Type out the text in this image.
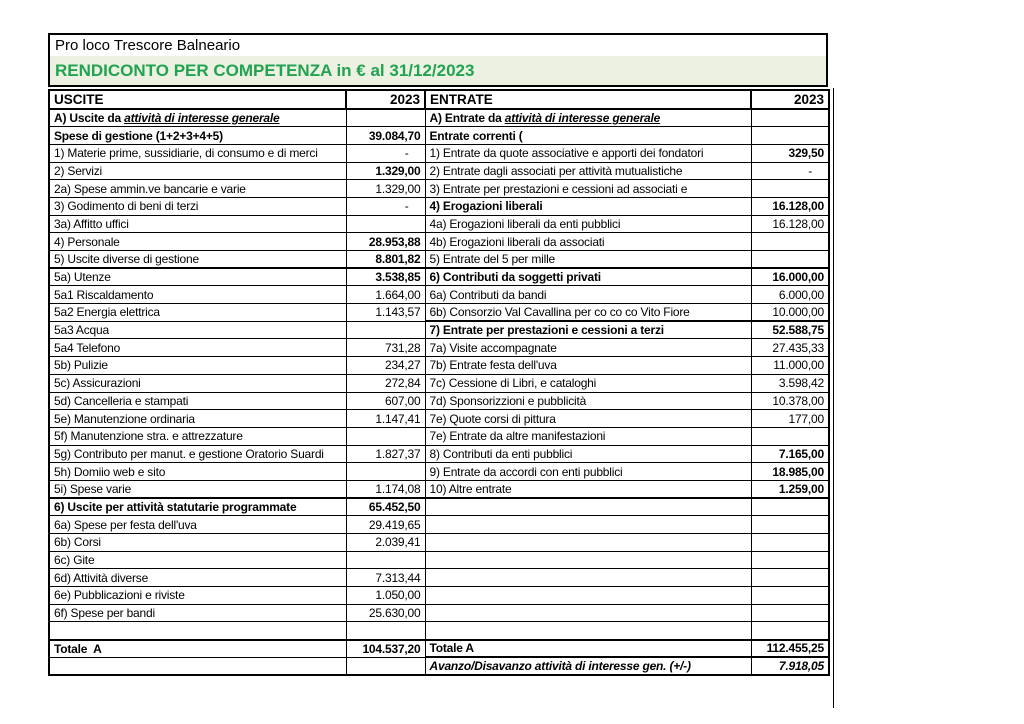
Pro loco Trescore Balneario
RENDICONTO PER COMPETENZA in € al 31/12/2023
USCITE	2023	ENTRATE	2023
A) Uscite da attività di interesse generale		A) Entrate da attività di interesse generale	
Spese di gestione (1+2+3+4+5)	39.084,70	Entrate correnti (	
1) Materie prime, sussidiarie, di consumo e di merci	-	1) Entrate da quote associative e apporti dei fondatori	329,50
2) Servizi	1.329,00	2) Entrate dagli associati per attività mutualistiche	-
2a) Spese ammin.ve bancarie e varie	1.329,00	3) Entrate per prestazioni e cessioni ad associati e	
3) Godimento di beni di terzi	-	4) Erogazioni liberali	16.128,00
3a) Affitto uffici		4a) Erogazioni liberali da enti pubblici	16.128,00
4) Personale	28.953,88	4b) Erogazioni liberali da associati	
5) Uscite diverse di gestione	8.801,82	5) Entrate del 5 per mille	
5a) Utenze	3.538,85	6) Contributi da soggetti privati	16.000,00
5a1 Riscaldamento	1.664,00	6a) Contributi da bandi	6.000,00
5a2 Energia elettrica	1.143,57	6b) Consorzio Val Cavallina per co co co Vito Fiore	10.000,00
5a3 Acqua		7) Entrate per prestazioni e cessioni a terzi	52.588,75
5a4 Telefono	731,28	7a) Visite accompagnate	27.435,33
5b) Pulizie	234,27	7b) Entrate festa dell'uva	11.000,00
5c) Assicurazioni	272,84	7c) Cessione di Libri, e cataloghi	3.598,42
5d) Cancelleria e stampati	607,00	7d) Sponsorizzioni e pubblicità	10.378,00
5e) Manutenzione ordinaria	1.147,41	7e) Quote corsi di pittura	177,00
5f) Manutenzione stra. e attrezzature		7e) Entrate da altre manifestazioni	
5g) Contributo per manut. e gestione Oratorio Suardi	1.827,37	8) Contributi da enti pubblici	7.165,00
5h) Domiio web e sito		9) Entrate da accordi con enti pubblici	18.985,00
5i) Spese varie	1.174,08	10) Altre entrate	1.259,00
6) Uscite per attività statutarie programmate	65.452,50		
6a) Spese per festa dell'uva	29.419,65		
6b) Corsi	2.039,41		
6c) Gite			
6d) Attività diverse	7.313,44		
6e) Pubblicazioni e riviste	1.050,00		
6f) Spese per bandi	25.630,00		

Totale  A	104.537,20	Totale A	112.455,25
		Avanzo/Disavanzo attività di interesse gen. (+/-)	7.918,05
